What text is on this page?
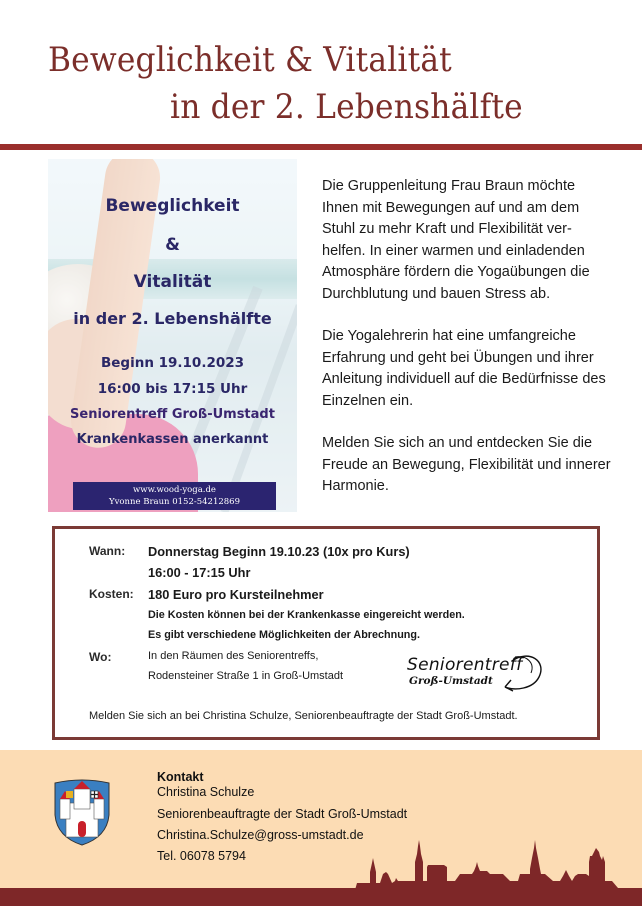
Beweglichkeit & Vitalität
in der 2. Lebenshälfte
Beweglichkeit
&
Vitalität
in der 2. Lebenshälfte
Beginn 19.10.2023
16:00 bis 17:15 Uhr
Seniorentreff Groß-Umstadt
Krankenkassen anerkannt
www.wood-yoga.de
Yvonne Braun 0152-54212869

Die Gruppenleitung Frau Braun möchte Ihnen mit Bewegungen auf und am dem Stuhl zu mehr Kraft und Flexibilität ver-helfen. In einer warmen und einladenden Atmosphäre fördern die Yogaübungen die Durchblutung und bauen Stress ab.

Die Yogalehrerin hat eine umfangreiche Erfahrung und geht bei Übungen und ihrer Anleitung individuell auf die Bedürfnisse des Einzelnen ein.

Melden Sie sich an und entdecken Sie die Freude an Bewegung, Flexibilität und innerer Harmonie.

Wann: Donnerstag Beginn 19.10.23 (10x pro Kurs)
16:00 - 17:15 Uhr
Kosten: 180 Euro pro Kursteilnehmer
Die Kosten können bei der Krankenkasse eingereicht werden.
Es gibt verschiedene Möglichkeiten der Abrechnung.
Wo:	In den Räumen des Seniorentreffs,
Rodensteiner Straße 1 in Groß-Umstadt
Seniorentreff
Groß-Umstadt
Melden Sie sich an bei Christina Schulze, Seniorenbeauftragte der Stadt Groß-Umstadt.
Kontakt
Christina Schulze
Seniorenbeauftragte der Stadt Groß-Umstadt
Christina.Schulze@gross-umstadt.de
Tel. 06078 5794
